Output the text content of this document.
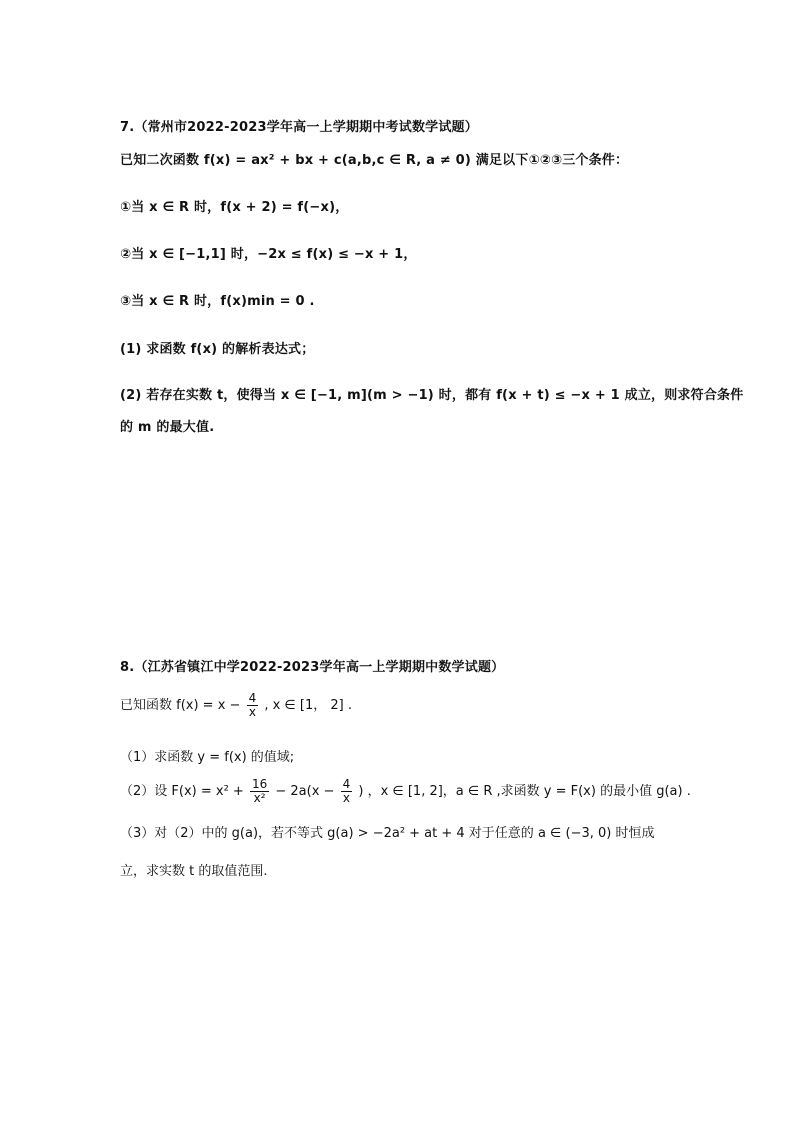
7.（常州市2022-2023学年高一上学期期中考试数学试题）
已知二次函数 f(x) = ax² + bx + c(a,b,c ∈ R, a ≠ 0) 满足以下①②③三个条件：
①当 x ∈ R 时，f(x + 2) = f(−x)，
②当 x ∈ [−1,1] 时，−2x ≤ f(x) ≤ −x + 1，
③当 x ∈ R 时，f(x)min = 0 .
(1) 求函数 f(x) 的解析表达式；
(2) 若存在实数 t，使得当 x ∈ [−1, m](m > −1) 时，都有 f(x + t) ≤ −x + 1 成立，则求符合条件
的 m 的最大值.
8.（江苏省镇江中学2022-2023学年高一上学期期中数学试题）
已知函数 $f(x) = x - \frac{4}{x}$ , x ∈ [1， 2] .
（1）求函数 y = f(x) 的值域;
（2）设 $F(x) = x^2 + \frac{16}{\text{x²}} - 2a(x - \frac{4}{x}$ ) ，x ∈ [1, 2]，a ∈ R ,求函数 y = F(x) 的最小值 g(a) .
（3）对（2）中的 g(a)，若不等式 g(a) > −2a² + at + 4 对于任意的 a ∈ (−3, 0) 时恒成
立，求实数 t 的取值范围.
